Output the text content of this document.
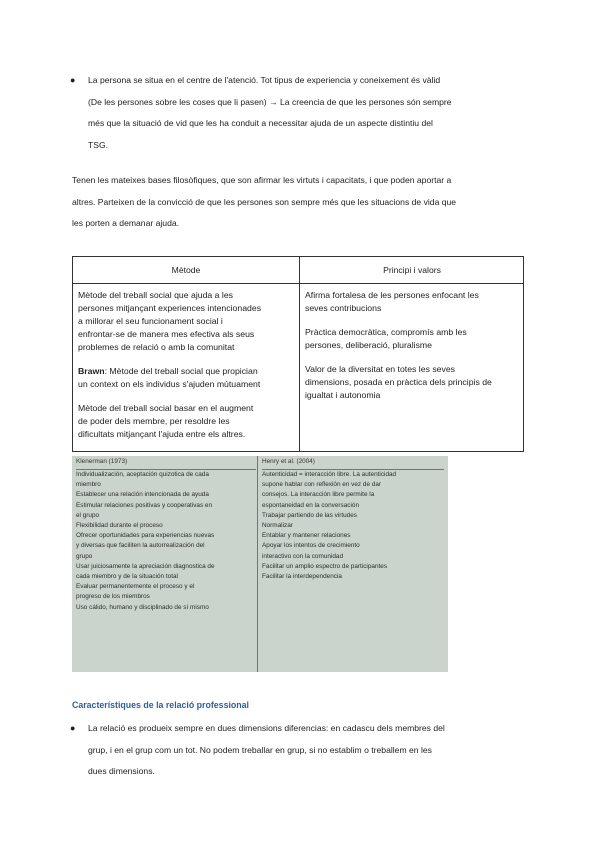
● La persona se situa en el centre de l'atenció. Tot tipus de experiencia y coneixement és vàlid
(De les persones sobre les coses que li pasen) → La creencia de que les persones són sempre
més que la situació de vid que les ha conduit a necessitar ajuda de un aspecte distintiu del
TSG.
Tenen les mateixes bases filosòfiques, que son afirmar les virtuts i capacitats, i que poden aportar a
altres. Parteixen de la convicció de que les persones son sempre més que les situacions de vida que
les porten a demanar ajuda.
Mètode	Principi i valors

Mètode del treball social que ajuda a les
persones mitjançant experiences intencionades
a millorar el seu funcionament social i
enfrontar-se de manera mes efectiva als seus
problemes de relació o amb la comunitat

Brawn: Mètode del treball social que propician
un context on els individus s'ajuden mútuament

Mètode del treball social basar en el augment
de poder dels membre, per resoldre les
dificultats mitjançant l'ajuda entre els altres.

Afirma fortalesa de les persones enfocant les
seves contribucions

Pràctica democràtica, compromís amb les
persones, deliberació, pluralisme

Valor de la diversitat en totes les seves
dimensions, posada en pràctica dels principis de
igualtat i autonomia

Klenerman (1973)	Henry et al. (2004)
Individualización, aceptación quizotica de cada
miembro
Establecer una relación intencionada de ayuda
Estimular relaciones positivas y cooperativas en
el grupo
Flexibilidad durante el proceso
Ofrecer oportunidades para experiencias nuevas
y diversas que faciliten la autorrealización del
grupo
Usar juiciosamente la apreciación diagnostica de
cada miembro y de la situación total
Evaluar permanentemente el proceso y el
progreso de los miembros
Uso cálido, humano y disciplinado de sí mismo
Autenticidad = interacción libre. La autenticidad
supone hablar con reflexión en vez de dar
consejos. La interacción libre permite la
espontaneidad en la conversación
Trabajar partiendo de las virtudes
Normalizar
Entablar y mantener relaciones
Apoyar los intentos de crecimiento
interactivo con la comunidad
Facilitar un amplio espectro de participantes
Facilitar la interdependencia
Característiques de la relació professional
● La relació es produeix sempre en dues dimensions diferencias: en cadascu dels membres del
grup, i en el grup com un tot. No podem treballar en grup, si no establim o treballem en les
dues dimensions.
